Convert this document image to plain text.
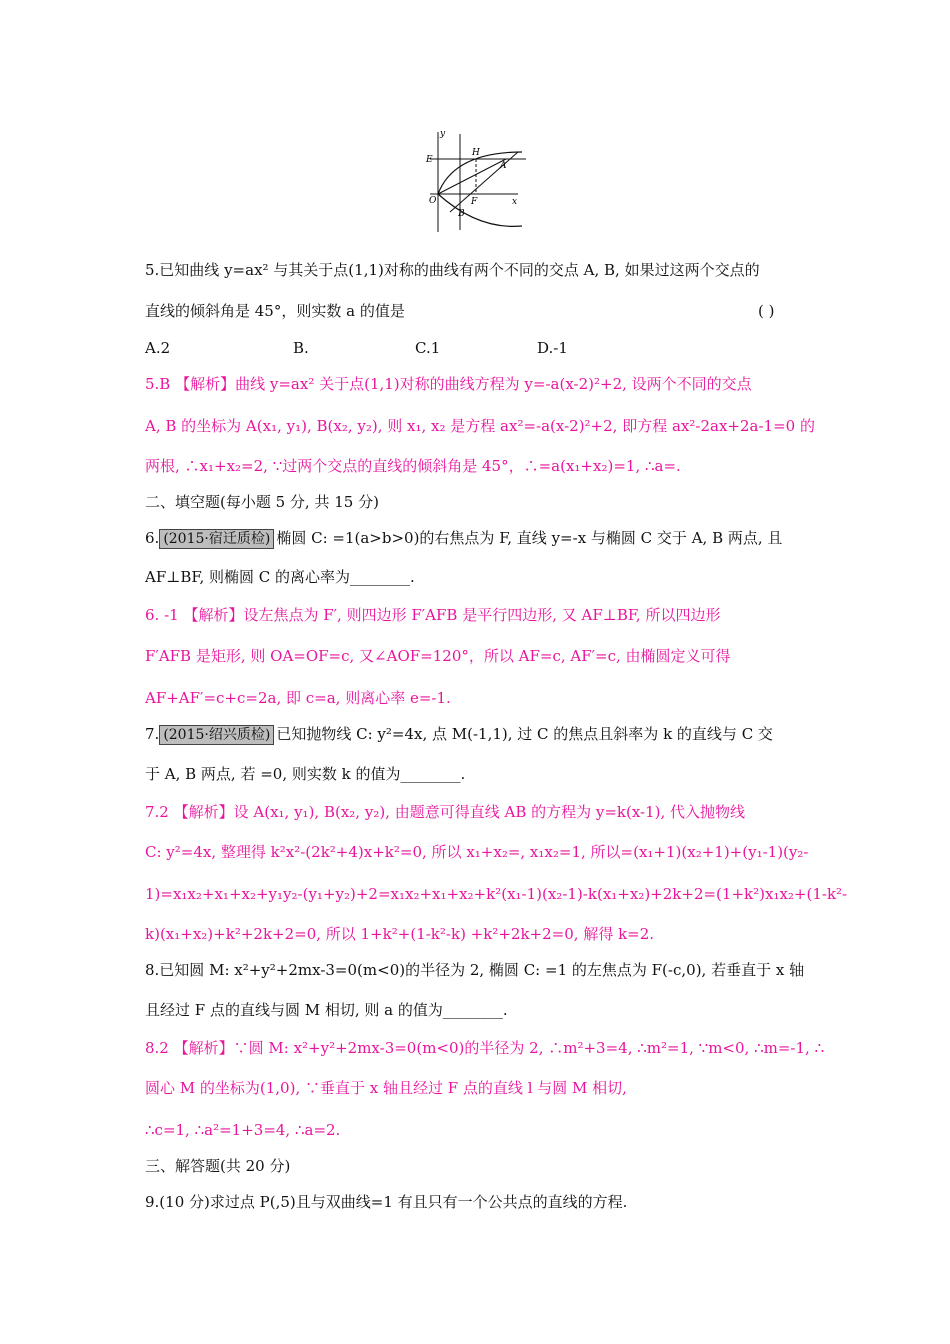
y
x
E
H
A
O	F
B
5.已知曲线 y=ax² 与其关于点(1,1)对称的曲线有两个不同的交点 A, B, 如果过这两个交点的
直线的倾斜角是 45°，则实数 a 的值是	( )
A.2	B.	C.1	D.-1
5.B 【解析】曲线 y=ax² 关于点(1,1)对称的曲线方程为 y=-a(x-2)²+2, 设两个不同的交点
A, B 的坐标为 A(x₁, y₁), B(x₂, y₂), 则 x₁, x₂ 是方程 ax²=-a(x-2)²+2, 即方程 ax²-2ax+2a-1=0 的
两根, ∴x₁+x₂=2, ∵过两个交点的直线的倾斜角是 45°，∴=a(x₁+x₂)=1, ∴a=.
二、填空题(每小题 5 分, 共 15 分)
6. (2015·宿迁质检) 椭圆 C: =1(a>b>0)的右焦点为 F, 直线 y=-x 与椭圆 C 交于 A, B 两点, 且
AF⊥BF, 则椭圆 C 的离心率为________.
6. -1 【解析】设左焦点为 F′, 则四边形 F′AFB 是平行四边形, 又 AF⊥BF, 所以四边形
F′AFB 是矩形, 则 OA=OF=c, 又∠AOF=120°，所以 AF=c, AF′=c, 由椭圆定义可得
AF+AF′=c+c=2a, 即 c=a, 则离心率 e=-1.
7. (2015·绍兴质检) 已知抛物线 C: y²=4x, 点 M(-1,1), 过 C 的焦点且斜率为 k 的直线与 C 交
于 A, B 两点, 若 =0, 则实数 k 的值为________.
7.2 【解析】设 A(x₁, y₁), B(x₂, y₂), 由题意可得直线 AB 的方程为 y=k(x-1), 代入抛物线
C: y²=4x, 整理得 k²x²-(2k²+4)x+k²=0, 所以 x₁+x₂=, x₁x₂=1, 所以=(x₁+1)(x₂+1)+(y₁-1)(y₂-
1)=x₁x₂+x₁+x₂+y₁y₂-(y₁+y₂)+2=x₁x₂+x₁+x₂+k²(x₁-1)(x₂-1)-k(x₁+x₂)+2k+2=(1+k²)x₁x₂+(1-k²-
k)(x₁+x₂)+k²+2k+2=0, 所以 1+k²+(1-k²-k) +k²+2k+2=0, 解得 k=2.
8.已知圆 M: x²+y²+2mx-3=0(m<0)的半径为 2, 椭圆 C: =1 的左焦点为 F(-c,0), 若垂直于 x 轴
且经过 F 点的直线与圆 M 相切, 则 a 的值为________.
8.2 【解析】∵圆 M: x²+y²+2mx-3=0(m<0)的半径为 2, ∴m²+3=4, ∴m²=1, ∵m<0, ∴m=-1, ∴
圆心 M 的坐标为(1,0), ∵垂直于 x 轴且经过 F 点的直线 l 与圆 M 相切,
∴c=1, ∴a²=1+3=4, ∴a=2.
三、解答题(共 20 分)
9.(10 分)求过点 P(,5)且与双曲线=1 有且只有一个公共点的直线的方程.
